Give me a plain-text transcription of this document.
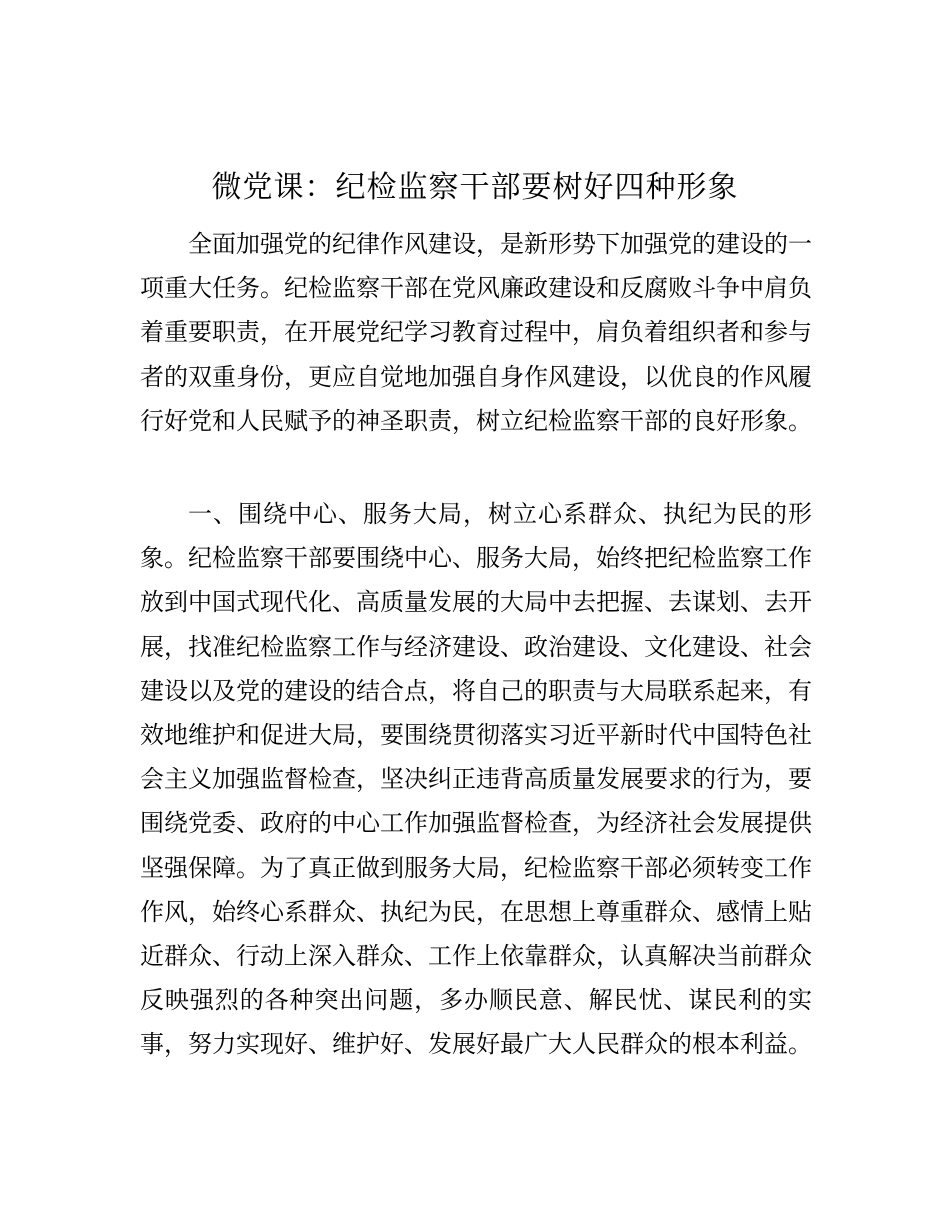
微党课：纪检监察干部要树好四种形象

全面加强党的纪律作风建设，是新形势下加强党的建设的一项重大任务。纪检监察干部在党风廉政建设和反腐败斗争中肩负着重要职责，在开展党纪学习教育过程中，肩负着组织者和参与者的双重身份，更应自觉地加强自身作风建设，以优良的作风履行好党和人民赋予的神圣职责，树立纪检监察干部的良好形象。

一、围绕中心、服务大局，树立心系群众、执纪为民的形象。纪检监察干部要围绕中心、服务大局，始终把纪检监察工作放到中国式现代化、高质量发展的大局中去把握、去谋划、去开展，找准纪检监察工作与经济建设、政治建设、文化建设、社会建设以及党的建设的结合点，将自己的职责与大局联系起来，有效地维护和促进大局，要围绕贯彻落实习近平新时代中国特色社会主义加强监督检查，坚决纠正违背高质量发展要求的行为，要围绕党委、政府的中心工作加强监督检查，为经济社会发展提供坚强保障。为了真正做到服务大局，纪检监察干部必须转变工作作风，始终心系群众、执纪为民，在思想上尊重群众、感情上贴近群众、行动上深入群众、工作上依靠群众，认真解决当前群众反映强烈的各种突出问题，多办顺民意、解民忧、谋民利的实事，努力实现好、维护好、发展好最广大人民群众的根本利益。
